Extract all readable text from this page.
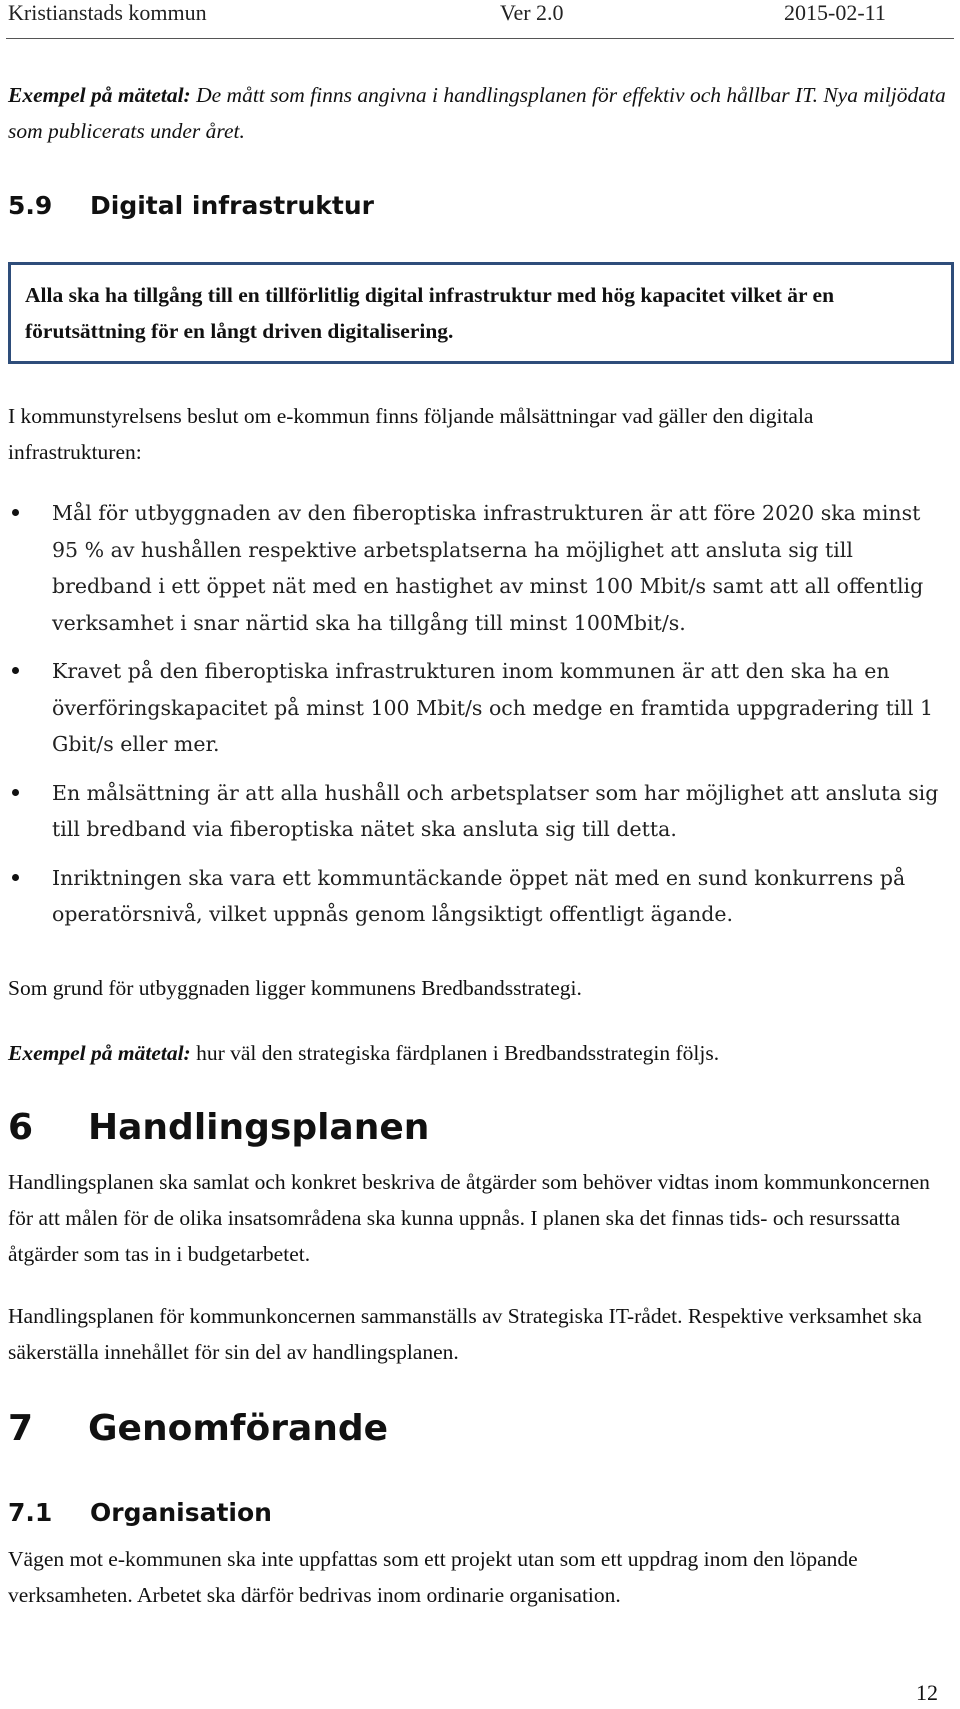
Kristianstads kommun	Ver 2.0	2015-02-11

Exempel på mätetal: De mått som finns angivna i handlingsplanen för effektiv och hållbar IT. Nya miljödata som publicerats under året.

5.9 Digital infrastruktur

Alla ska ha tillgång till en tillförlitlig digital infrastruktur med hög kapacitet vilket är en förutsättning för en långt driven digitalisering.

I kommunstyrelsens beslut om e-kommun finns följande målsättningar vad gäller den digitala infrastrukturen:

Mål för utbyggnaden av den fiberoptiska infrastrukturen är att före 2020 ska minst 95 % av hushållen respektive arbetsplatserna ha möjlighet att ansluta sig till bredband i ett öppet nät med en hastighet av minst 100 Mbit/s samt att all offentlig verksamhet i snar närtid ska ha tillgång till minst 100Mbit/s.
Kravet på den fiberoptiska infrastrukturen inom kommunen är att den ska ha en överföringskapacitet på minst 100 Mbit/s och medge en framtida uppgradering till 1 Gbit/s eller mer.
En målsättning är att alla hushåll och arbetsplatser som har möjlighet att ansluta sig till bredband via fiberoptiska nätet ska ansluta sig till detta.
Inriktningen ska vara ett kommuntäckande öppet nät med en sund konkurrens på operatörsnivå, vilket uppnås genom långsiktigt offentligt ägande.

Som grund för utbyggnaden ligger kommunens Bredbandsstrategi.

Exempel på mätetal: hur väl den strategiska färdplanen i Bredbandsstrategin följs.

6 Handlingsplanen

Handlingsplanen ska samlat och konkret beskriva de åtgärder som behöver vidtas inom kommunkoncernen för att målen för de olika insatsområdena ska kunna uppnås. I planen ska det finnas tids- och resurssatta åtgärder som tas in i budgetarbetet.

Handlingsplanen för kommunkoncernen sammanställs av Strategiska IT-rådet. Respektive verksamhet ska säkerställa innehållet för sin del av handlingsplanen.

7 Genomförande
7.1 Organisation

Vägen mot e-kommunen ska inte uppfattas som ett projekt utan som ett uppdrag inom den löpande verksamheten. Arbetet ska därför bedrivas inom ordinarie organisation.

12
